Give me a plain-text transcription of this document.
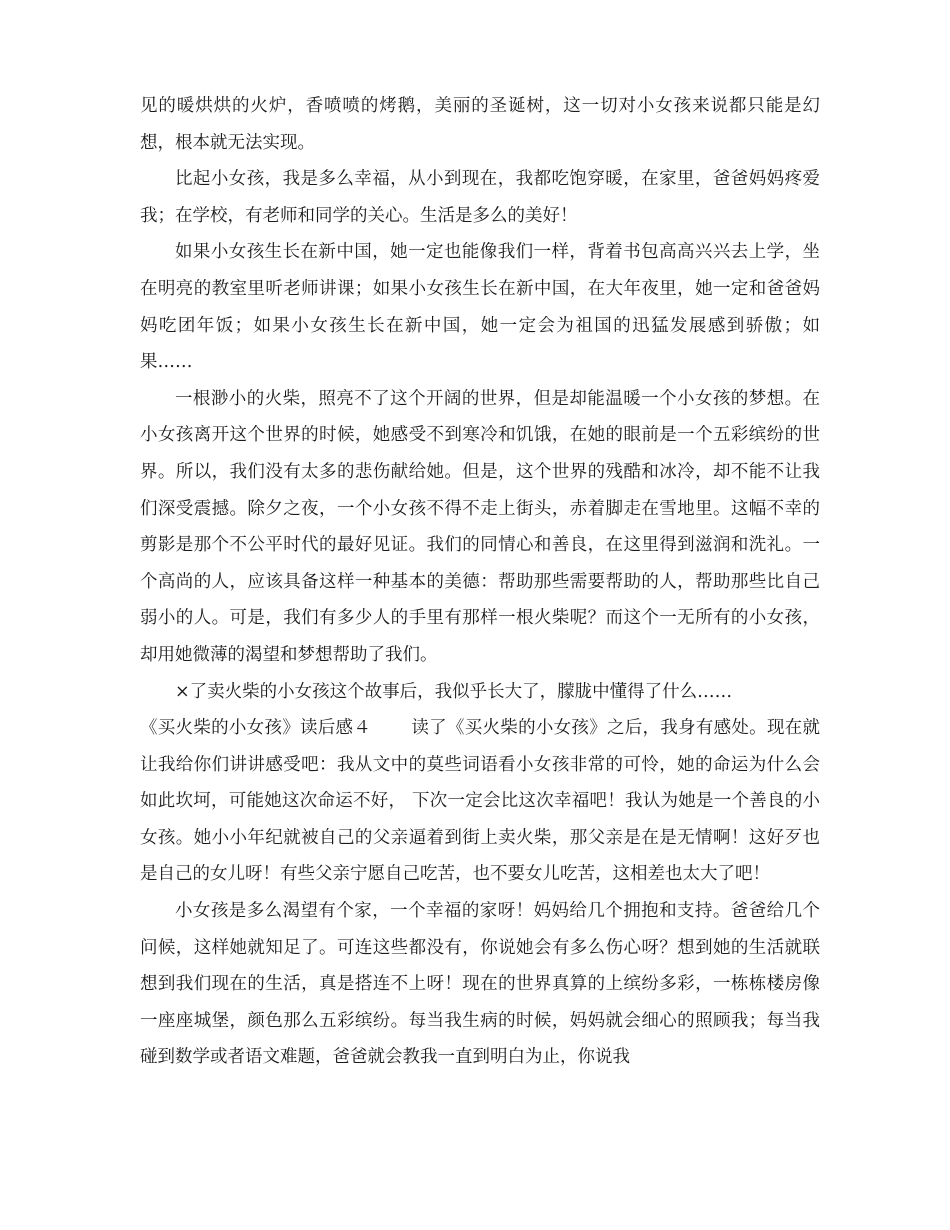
见的暖烘烘的火炉，香喷喷的烤鹅，美丽的圣诞树，这一切对小女孩来说都只能是幻想，根本就无法实现。

比起小女孩，我是多么幸福，从小到现在，我都吃饱穿暖，在家里，爸爸妈妈疼爱我；在学校，有老师和同学的关心。生活是多么的美好！

如果小女孩生长在新中国，她一定也能像我们一样，背着书包高高兴兴去上学，坐在明亮的教室里听老师讲课；如果小女孩生长在新中国，在大年夜里，她一定和爸爸妈妈吃团年饭；如果小女孩生长在新中国，她一定会为祖国的迅猛发展感到骄傲；如果……

一根渺小的火柴，照亮不了这个开阔的世界，但是却能温暖一个小女孩的梦想。在小女孩离开这个世界的时候，她感受不到寒冷和饥饿，在她的眼前是一个五彩缤纷的世界。所以，我们没有太多的悲伤献给她。但是，这个世界的残酷和冰冷，却不能不让我们深受震撼。除夕之夜，一个小女孩不得不走上街头，赤着脚走在雪地里。这幅不幸的剪影是那个不公平时代的最好见证。我们的同情心和善良，在这里得到滋润和洗礼。一个高尚的人，应该具备这样一种基本的美德：帮助那些需要帮助的人，帮助那些比自己弱小的人。可是，我们有多少人的手里有那样一根火柴呢？而这个一无所有的小女孩，却用她微薄的渴望和梦想帮助了我们。

×了卖火柴的小女孩这个故事后，我似乎长大了，朦胧中懂得了什么……

《买火柴的小女孩》读后感４ 读了《买火柴的小女孩》之后，我身有感处。现在就让我给你们讲讲感受吧：我从文中的莫些词语看小女孩非常的可怜，她的命运为什么会如此坎坷，可能她这次命运不好， 下次一定会比这次幸福吧！我认为她是一个善良的小女孩。她小小年纪就被自己的父亲逼着到街上卖火柴，那父亲是在是无情啊！这好歹也是自己的女儿呀！有些父亲宁愿自己吃苦，也不要女儿吃苦，这相差也太大了吧！

小女孩是多么渴望有个家，一个幸福的家呀！妈妈给几个拥抱和支持。爸爸给几个问候，这样她就知足了。可连这些都没有，你说她会有多么伤心呀？想到她的生活就联想到我们现在的生活，真是搭连不上呀！现在的世界真算的上缤纷多彩，一栋栋楼房像一座座城堡，颜色那么五彩缤纷。每当我生病的时候，妈妈就会细心的照顾我；每当我碰到数学或者语文难题，爸爸就会教我一直到明白为止，你说我
